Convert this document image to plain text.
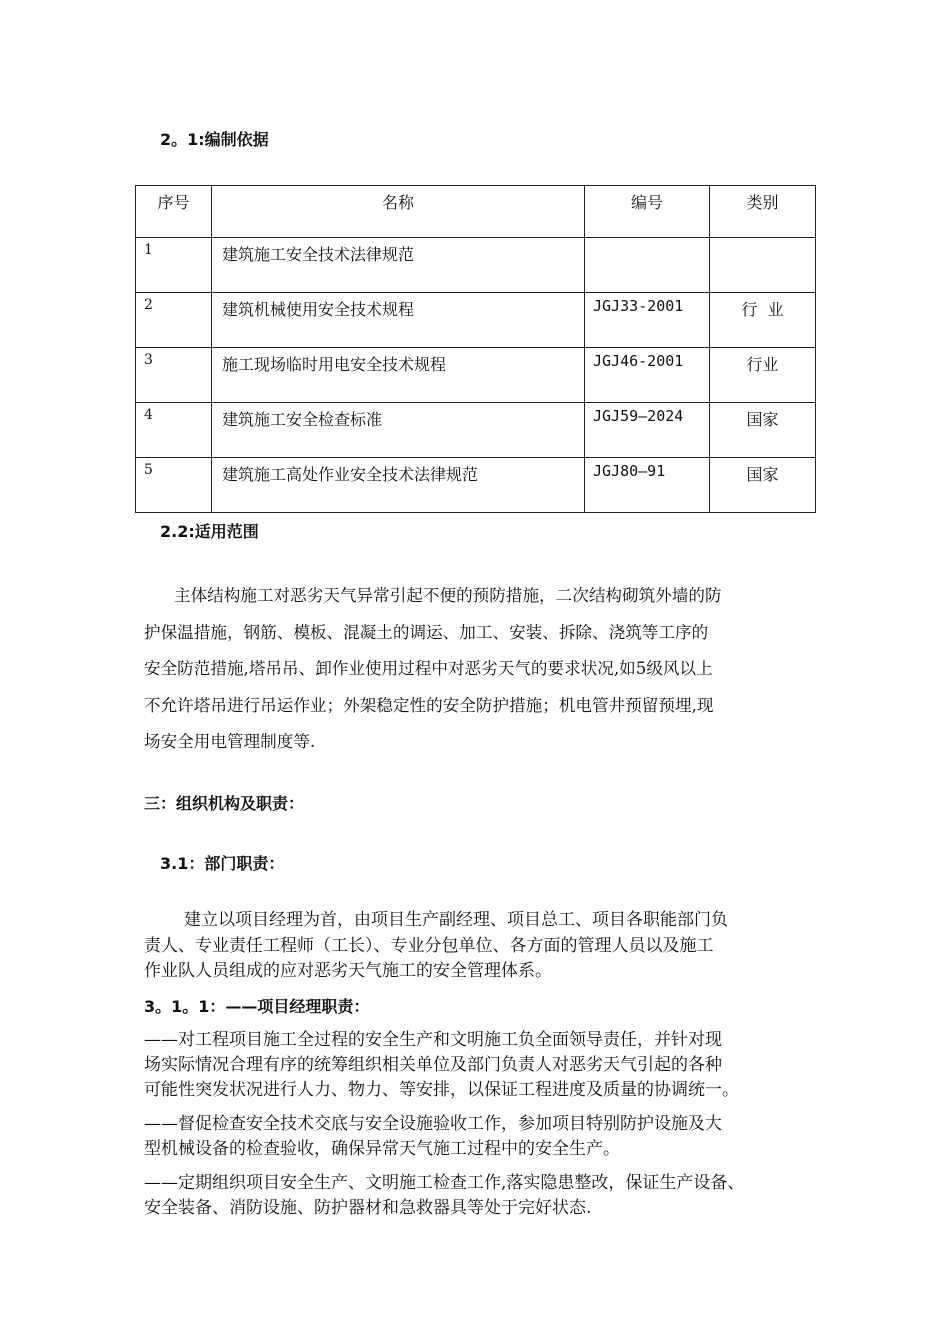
2。1:编制依据
序号	名称	编号	类别
1	建筑施工安全技术法律规范		
2	建筑机械使用安全技术规程	JGJ33-2001	行  业
3	施工现场临时用电安全技术规程	JGJ46-2001	行业
4	建筑施工安全检查标准	JGJ59—2024	国家
5	建筑施工高处作业安全技术法律规范	JGJ80—91	国家
2.2:适用范围

主体结构施工对恶劣天气异常引起不便的预防措施，二次结构砌筑外墙的防

护保温措施，钢筋、模板、混凝土的调运、加工、安装、拆除、浇筑等工序的

安全防范措施,塔吊吊、卸作业使用过程中对恶劣天气的要求状况,如5级风以上

不允许塔吊进行吊运作业；外架稳定性的安全防护措施；机电管井预留预埋,现

场安全用电管理制度等.

三：组织机构及职责：
3.1：部门职责：

建立以项目经理为首，由项目生产副经理、项目总工、项目各职能部门负

责人、专业责任工程师（工长）、专业分包单位、各方面的管理人员以及施工

作业队人员组成的应对恶劣天气施工的安全管理体系。

3。1。1：——项目经理职责：

——对工程项目施工全过程的安全生产和文明施工负全面领导责任，并针对现

场实际情况合理有序的统筹组织相关单位及部门负责人对恶劣天气引起的各种

可能性突发状况进行人力、物力、等安排，以保证工程进度及质量的协调统一。

——督促检查安全技术交底与安全设施验收工作，参加项目特别防护设施及大

型机械设备的检查验收，确保异常天气施工过程中的安全生产。

——定期组织项目安全生产、文明施工检查工作,落实隐患整改，保证生产设备、

安全装备、消防设施、防护器材和急救器具等处于完好状态.
